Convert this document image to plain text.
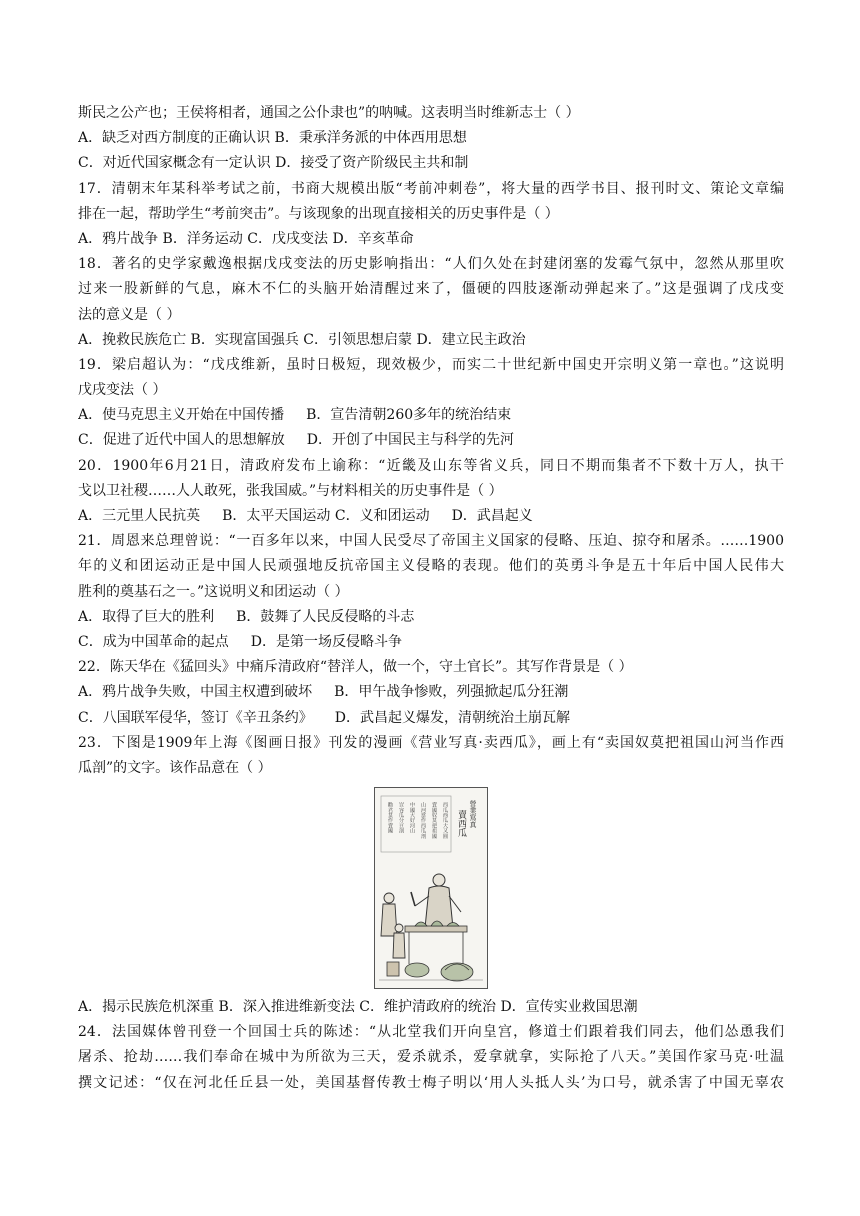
斯民之公产也；王侯将相者，通国之公仆隶也”的呐喊。这表明当时维新志士（ ）
A．缺乏对西方制度的正确认识 B．秉承洋务派的中体西用思想
C．对近代国家概念有一定认识 D．接受了资产阶级民主共和制
17．清朝末年某科举考试之前，书商大规模出版“考前冲刺卷”，将大量的西学书目、报刊时文、策论文章编
排在一起，帮助学生“考前突击”。与该现象的出现直接相关的历史事件是（ ）
A．鸦片战争 B．洋务运动 C．戊戌变法 D．辛亥革命
18．著名的史学家戴逸根据戊戌变法的历史影响指出：“人们久处在封建闭塞的发霉气氛中，忽然从那里吹
过来一股新鲜的气息，麻木不仁的头脑开始清醒过来了，僵硬的四肢逐渐动弹起来了。”这是强调了戊戌变
法的意义是（ ）
A．挽救民族危亡 B．实现富国强兵 C．引领思想启蒙 D．建立民主政治
19．梁启超认为：“戊戌维新，虽时日极短，现效极少，而实二十世纪新中国史开宗明义第一章也。”这说明
戊戌变法（ ）
A．使马克思主义开始在中国传播 B．宣告清朝260多年的统治结束
C．促进了近代中国人的思想解放 D．开创了中国民主与科学的先河
20．1900年6月21日，清政府发布上谕称：“近畿及山东等省义兵，同日不期而集者不下数十万人，执干
戈以卫社稷……人人敢死，张我国威。”与材料相关的历史事件是（ ）
A．三元里人民抗英 B．太平天国运动 C．义和团运动 D．武昌起义
21．周恩来总理曾说：“一百多年以来，中国人民受尽了帝国主义国家的侵略、压迫、掠夺和屠杀。……1900
年的义和团运动正是中国人民顽强地反抗帝国主义侵略的表现。他们的英勇斗争是五十年后中国人民伟大
胜利的奠基石之一。”这说明义和团运动（ ）
A．取得了巨大的胜利 B．鼓舞了人民反侵略的斗志
C．成为中国革命的起点 D．是第一场反侵略斗争
22．陈天华在《猛回头》中痛斥清政府“替洋人，做一个，守土官长”。其写作背景是（ ）
A．鸦片战争失败，中国主权遭到破坏 B．甲午战争惨败，列强掀起瓜分狂潮
C．八国联军侵华，签订《辛丑条约》 D．武昌起义爆发，清朝统治土崩瓦解
23．下图是1909年上海《图画日报》刊发的漫画《营业写真·卖西瓜》，画上有“卖国奴莫把祖国山河当作西
瓜剖”的文字。该作品意在（ ）
營業寫真
賣西瓜
西瓜西瓜大又圓
賣國奴莫把祖國
山河當作西瓜剖
中國大好河山
豈容瓜分豆剖
勸君莫作賣國
A．揭示民族危机深重 B．深入推进维新变法 C．维护清政府的统治 D．宣传实业救国思潮
24．法国媒体曾刊登一个回国士兵的陈述：“从北堂我们开向皇宫，修道士们跟着我们同去，他们怂恿我们
屠杀、抢劫……我们奉命在城中为所欲为三天，爱杀就杀，爱拿就拿，实际抢了八天。”美国作家马克·吐温
撰文记述：“仅在河北任丘县一处，美国基督传教士梅子明以‘用人头抵人头’为口号，就杀害了中国无辜农
